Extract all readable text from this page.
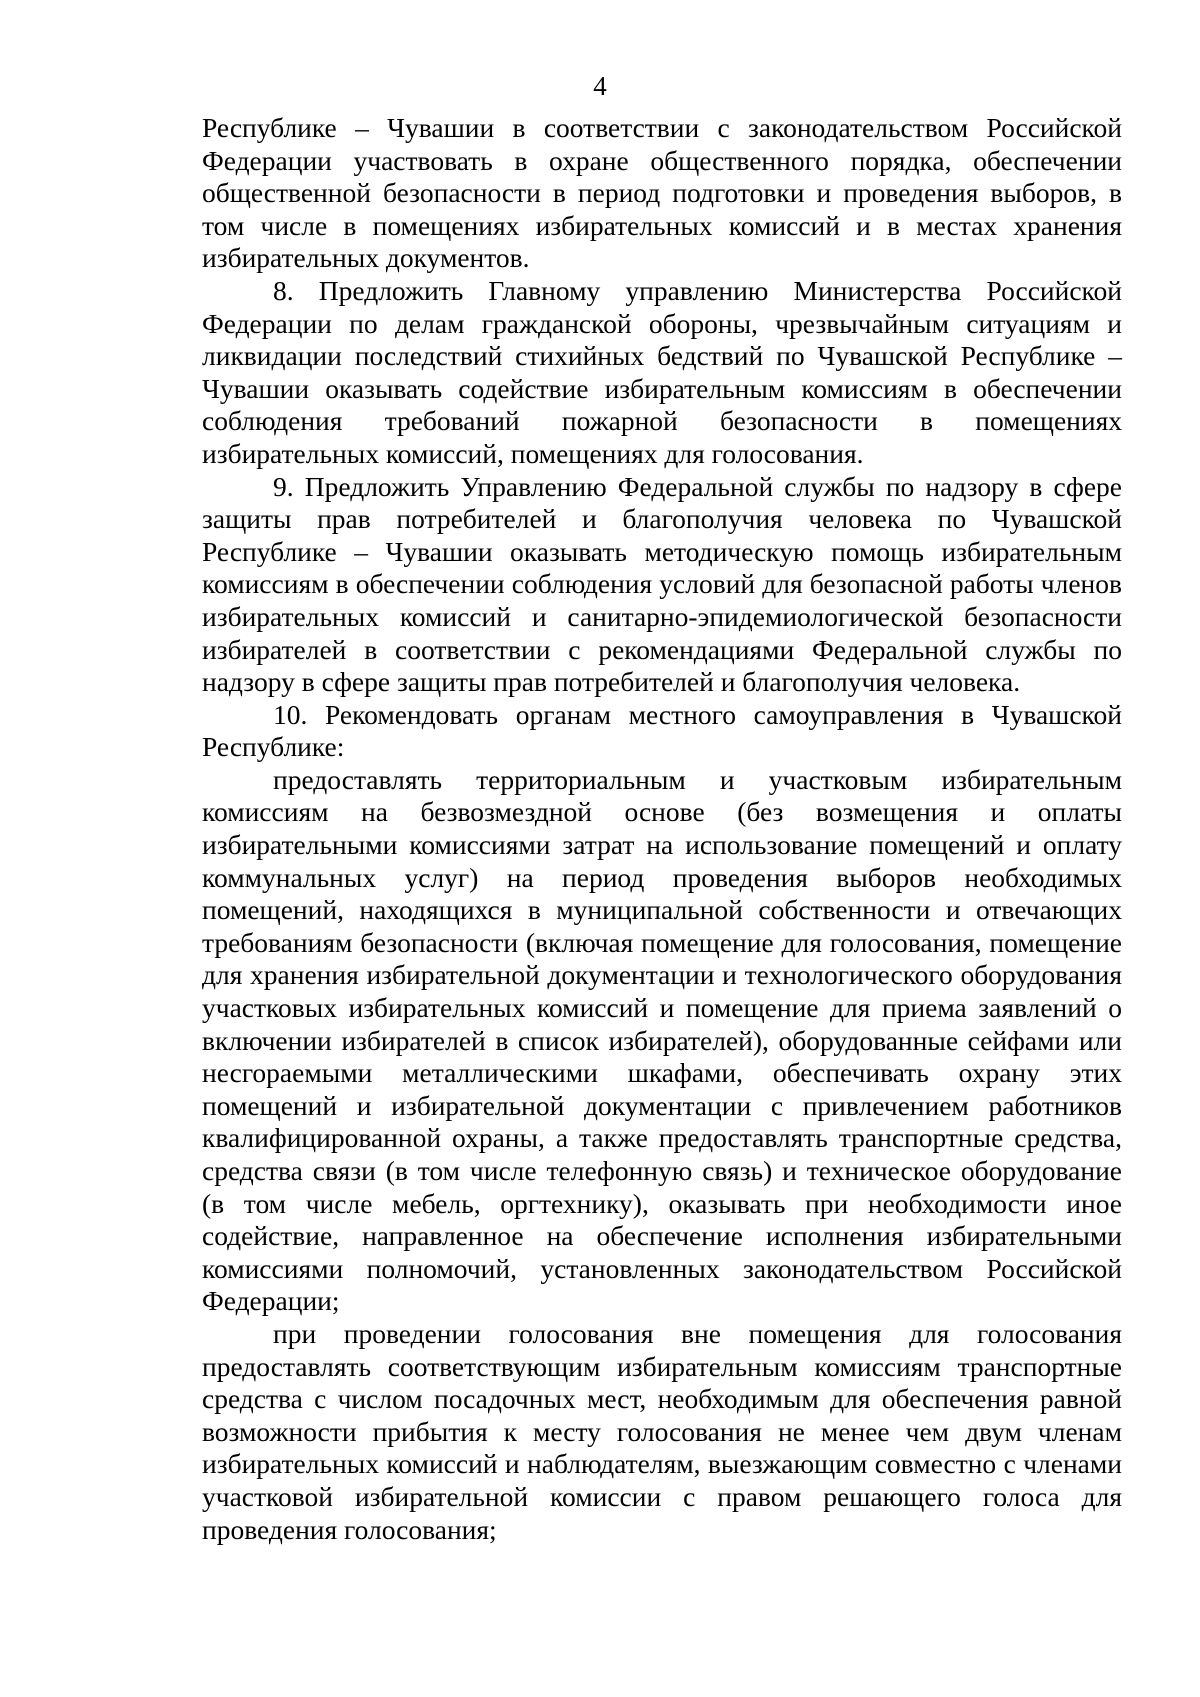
4

Республике – Чувашии в соответствии с законодательством Российской Федерации участвовать в охране общественного порядка, обеспечении общественной безопасности в период подготовки и проведения выборов, в том числе в помещениях избирательных комиссий и в местах хранения избирательных документов.

8. Предложить Главному управлению Министерства Российской Федерации по делам гражданской обороны, чрезвычайным ситуациям и ликвидации последствий стихийных бедствий по Чувашской Республике – Чувашии оказывать содействие избирательным комиссиям в обеспечении соблюдения требований пожарной безопасности в помещениях избирательных комиссий, помещениях для голосования.

9. Предложить Управлению Федеральной службы по надзору в сфере защиты прав потребителей и благополучия человека по Чувашской Республике – Чувашии оказывать методическую помощь избирательным комиссиям в обеспечении соблюдения условий для безопасной работы членов избирательных комиссий и санитарно-эпидемиологической безопасности избирателей в соответствии с рекомендациями Федеральной службы по надзору в сфере защиты прав потребителей и благополучия человека.

10. Рекомендовать органам местного самоуправления в Чувашской Республике:

предоставлять территориальным и участковым избирательным комиссиям на безвозмездной основе (без возмещения и оплаты избирательными комиссиями затрат на использование помещений и оплату коммунальных услуг) на период проведения выборов необходимых помещений, находящихся в муниципальной собственности и отвечающих требованиям безопасности (включая помещение для голосования, помещение для хранения избирательной документации и технологического оборудования участковых избирательных комиссий и помещение для приема заявлений о включении избирателей в список избирателей), оборудованные сейфами или несгораемыми металлическими шкафами, обеспечивать охрану этих помещений и избирательной документации с привлечением работников квалифицированной охраны, а также предоставлять транспортные средства, средства связи (в том числе телефонную связь) и техническое оборудование (в том числе мебель, оргтехнику), оказывать при необходимости иное содействие, направленное на обеспечение исполнения избирательными комиссиями полномочий, установленных законодательством Российской Федерации;

при проведении голосования вне помещения для голосования предоставлять соответствующим избирательным комиссиям транспортные средства с числом посадочных мест, необходимым для обеспечения равной возможности прибытия к месту голосования не менее чем двум членам избирательных комиссий и наблюдателям, выезжающим совместно с членами участковой избирательной комиссии с правом решающего голоса для проведения голосования;
